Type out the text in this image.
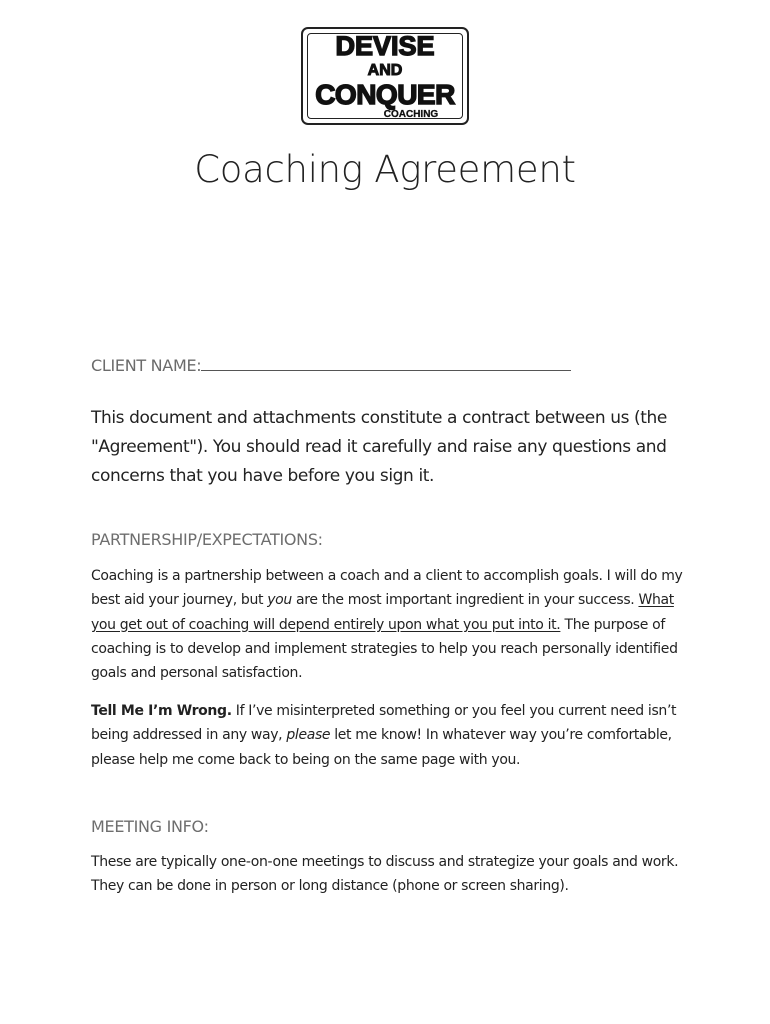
DEVISE
AND
CONQUER
COACHING
Coaching Agreement
CLIENT NAME:

This document and attachments constitute a contract between us (the
"Agreement"). You should read it carefully and raise any questions and
concerns that you have before you sign it.

PARTNERSHIP/EXPECTATIONS:

Coaching is a partnership between a coach and a client to accomplish goals. I will do my best aid your journey, but you are the most important ingredient in your success. What you get out of coaching will depend entirely upon what you put into it. The purpose of coaching is to develop and implement strategies to help you reach personally identified goals and personal satisfaction.

Tell Me I’m Wrong. If I’ve misinterpreted something or you feel you current need isn’t being addressed in any way, please let me know! In whatever way you’re comfortable, please help me come back to being on the same page with you.

MEETING INFO:

These are typically one-on-one meetings to discuss and strategize your goals and work. They can be done in person or long distance (phone or screen sharing).
